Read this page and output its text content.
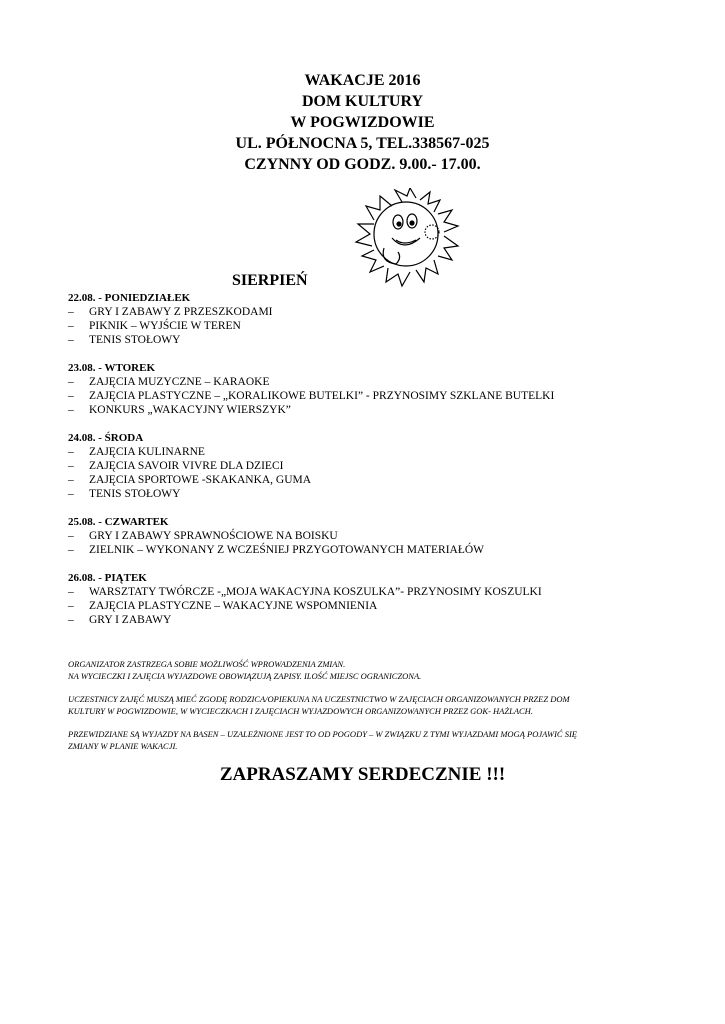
WAKACJE 2016
DOM KULTURY
W POGWIZDOWIE
UL. PÓŁNOCNA 5, TEL.338567-025
CZYNNY OD GODZ. 9.00.- 17.00.
SIERPIEŃ
22.08. - PONIEDZIAŁEK
–	GRY I ZABAWY Z PRZESZKODAMI
–	PIKNIK – WYJŚCIE W TEREN
–	TENIS STOŁOWY
23.08. - WTOREK
–	ZAJĘCIA MUZYCZNE – KARAOKE
–	ZAJĘCIA PLASTYCZNE – „KORALIKOWE BUTELKI” - PRZYNOSIMY SZKLANE BUTELKI
–	KONKURS „WAKACYJNY WIERSZYK”
24.08. - ŚRODA
–	ZAJĘCIA KULINARNE
–	ZAJĘCIA SAVOIR VIVRE DLA DZIECI
–	ZAJĘCIA SPORTOWE -SKAKANKA, GUMA
–	TENIS STOŁOWY
25.08. - CZWARTEK
–	GRY I ZABAWY SPRAWNOŚCIOWE NA BOISKU
–	ZIELNIK – WYKONANY Z WCZEŚNIEJ PRZYGOTOWANYCH MATERIAŁÓW
26.08. - PIĄTEK
–	WARSZTATY TWÓRCZE -„MOJA WAKACYJNA KOSZULKA”- PRZYNOSIMY KOSZULKI
–	ZAJĘCIA PLASTYCZNE – WAKACYJNE WSPOMNIENIA
–	GRY I ZABAWY
ORGANIZATOR ZASTRZEGA SOBIE MOŻLIWOŚĆ WPROWADZENIA ZMIAN.
NA WYCIECZKI I ZAJĘCIA WYJAZDOWE OBOWIĄZUJĄ ZAPISY. ILOŚĆ MIEJSC OGRANICZONA.
UCZESTNICY ZAJĘĆ MUSZĄ MIEĆ ZGODĘ RODZICA/OPIEKUNA NA UCZESTNICTWO W ZAJĘCIACH ORGANIZOWANYCH PRZEZ DOM
KULTURY W POGWIZDOWIE, W WYCIECZKACH I ZAJĘCIACH WYJAZDOWYCH ORGANIZOWANYCH PRZEZ GOK- HAŻLACH.
PRZEWIDZIANE SĄ WYJAZDY NA BASEN – UZALEŻNIONE JEST TO OD POGODY – W ZWIĄZKU Z TYMI WYJAZDAMI MOGĄ POJAWIĆ SIĘ
ZMIANY W PLANIE WAKACJI.
ZAPRASZAMY SERDECZNIE !!!
